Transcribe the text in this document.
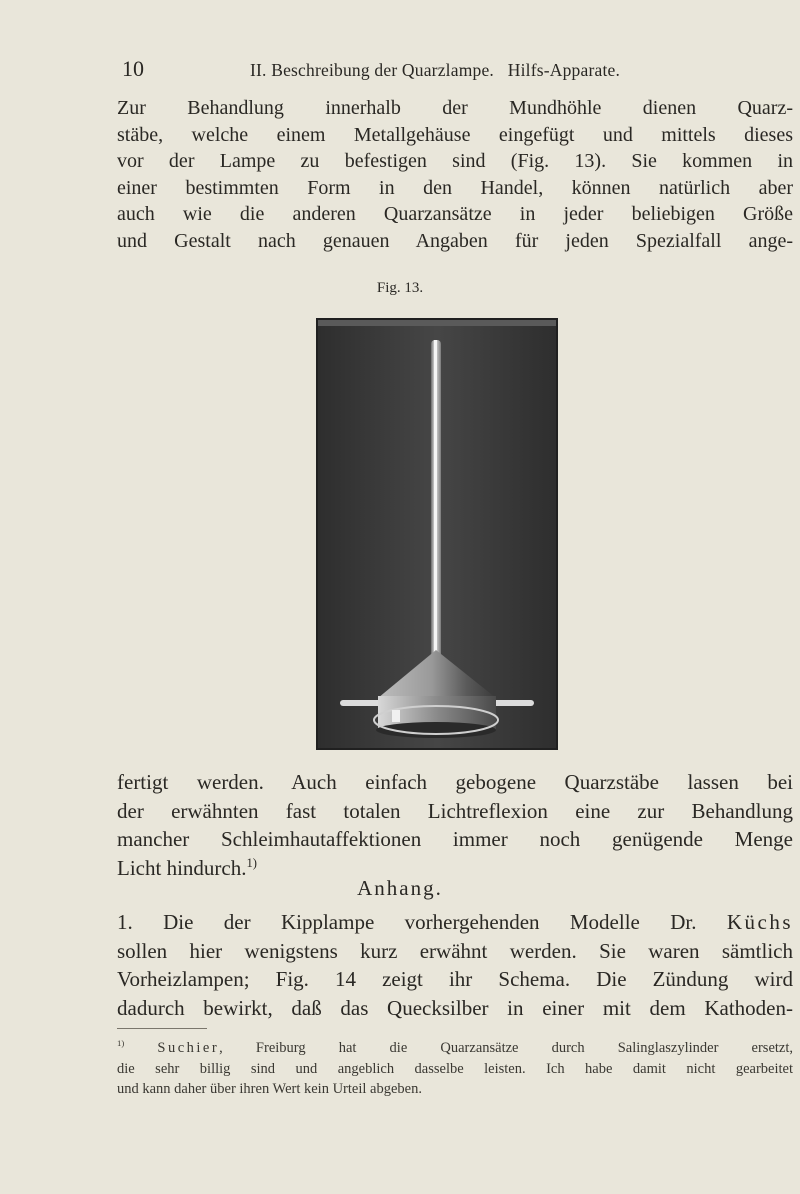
10	II. Beschreibung der Quarzlampe.   Hilfs-Apparate.
Zur Behandlung innerhalb der Mundhöhle dienen Quarz-
stäbe, welche einem Metallgehäuse eingefügt und mittels dieses
vor der Lampe zu befestigen sind (Fig. 13). Sie kommen in
einer bestimmten Form in den Handel, können natürlich aber
auch wie die anderen Quarzansätze in jeder beliebigen Größe
und Gestalt nach genauen Angaben für jeden Spezialfall ange-
Fig. 13.
fertigt werden. Auch einfach gebogene Quarzstäbe lassen bei
der erwähnten fast totalen Lichtreflexion eine zur Behandlung
mancher Schleimhautaffektionen immer noch genügende Menge
Licht hindurch.$^{1)}$
Anhang.
1. Die der Kipplampe vorhergehenden Modelle Dr. Küchs
sollen hier wenigstens kurz erwähnt werden. Sie waren sämtlich
Vorheizlampen; Fig. 14 zeigt ihr Schema. Die Zündung wird
dadurch bewirkt, daß das Quecksilber in einer mit dem Kathoden-
$^{1)}$ Suchier, Freiburg hat die Quarzansätze durch Salinglaszylinder ersetzt,
die sehr billig sind und angeblich dasselbe leisten. Ich habe damit nicht gearbeitet
und kann daher über ihren Wert kein Urteil abgeben.
